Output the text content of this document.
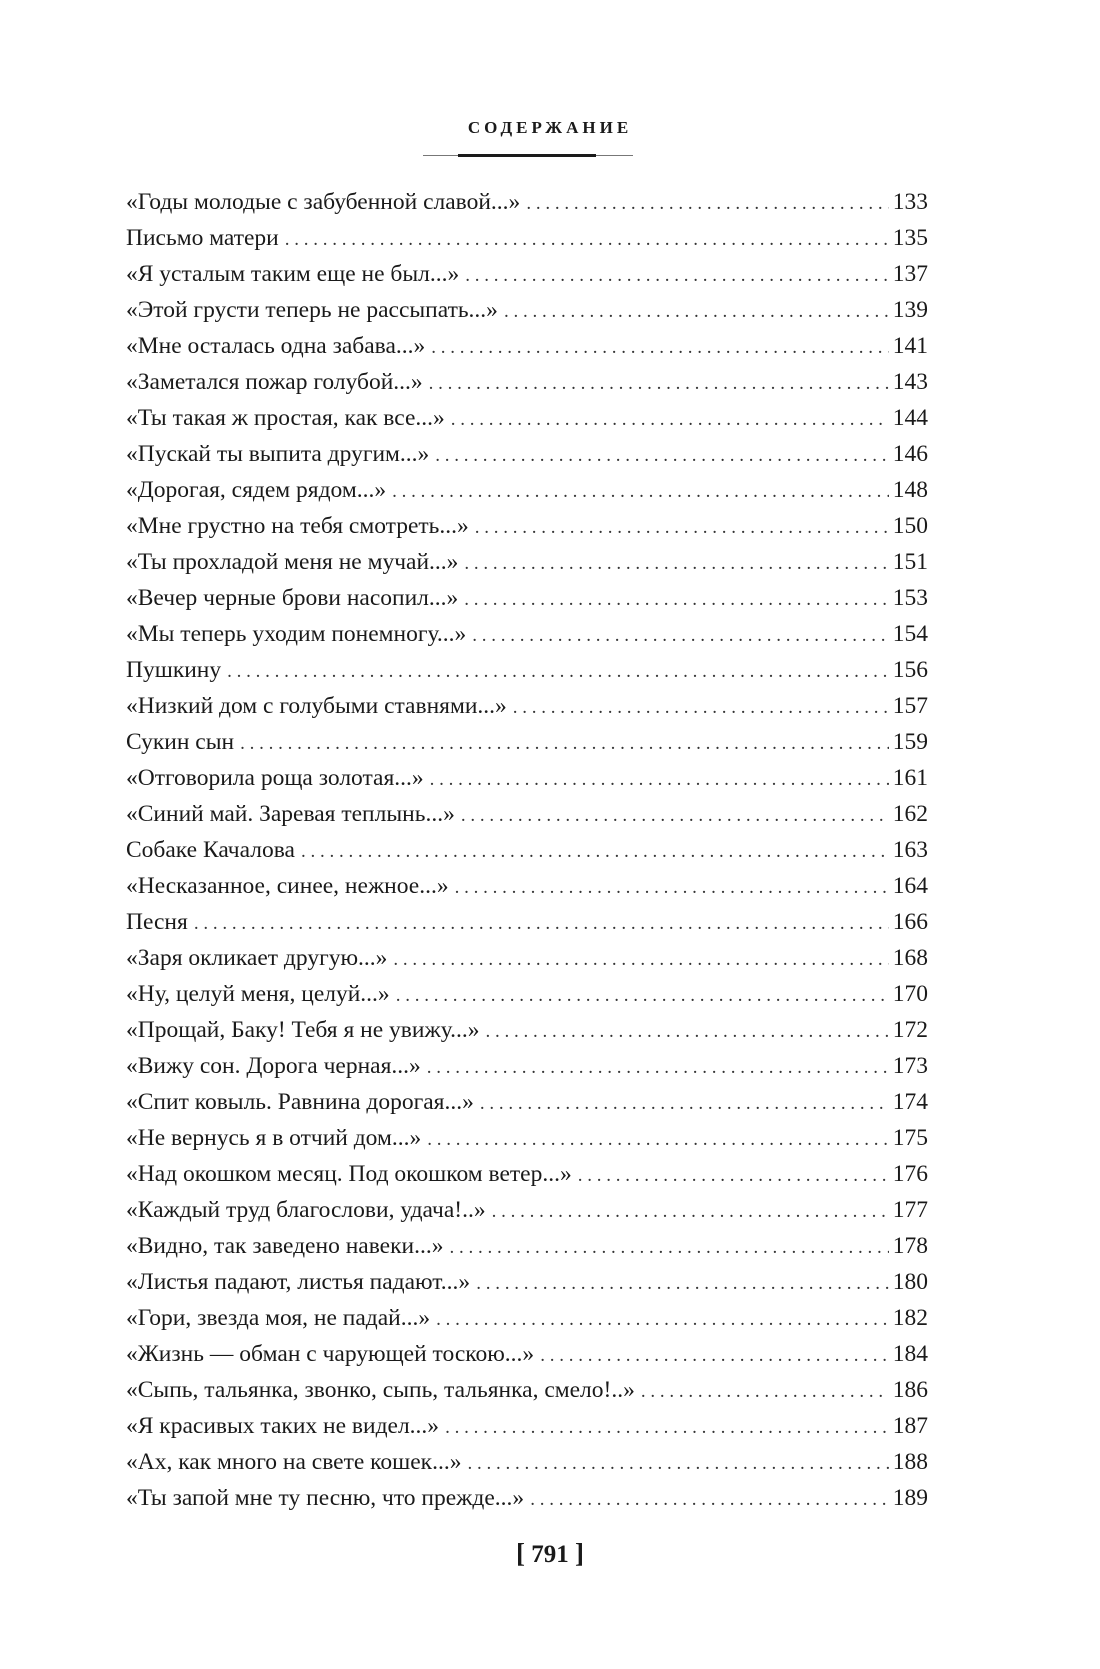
СОДЕРЖАНИЕ
«Годы молодые с забубенной славой...» . . .	133
Письмо матери . . .	135
«Я усталым таким еще не был...» . . .	137
«Этой грусти теперь не рассыпать...» . . .	139
«Мне осталась одна забава...» . . .	141
«Заметался пожар голубой...» . . .	143
«Ты такая ж простая, как все...» . . .	144
«Пускай ты выпита другим...» . . .	146
«Дорогая, сядем рядом...» . . .	148
«Мне грустно на тебя смотреть...» . . .	150
«Ты прохладой меня не мучай...» . . .	151
«Вечер черные брови насопил...» . . .	153
«Мы теперь уходим понемногу...» . . .	154
Пушкину . . .	156
«Низкий дом с голубыми ставнями...» . . .	157
Сукин сын . . .	159
«Отговорила роща золотая...» . . .	161
«Синий май. Заревая теплынь...» . . .	162
Собаке Качалова . . .	163
«Несказанное, синее, нежное...» . . .	164
Песня . . .	166
«Заря окликает другую...» . . .	168
«Ну, целуй меня, целуй...» . . .	170
«Прощай, Баку! Тебя я не увижу...» . . .	172
«Вижу сон. Дорога черная...» . . .	173
«Спит ковыль. Равнина дорогая...» . . .	174
«Не вернусь я в отчий дом...» . . .	175
«Над окошком месяц. Под окошком ветер...» . . .	176
«Каждый труд благослови, удача!..» . . .	177
«Видно, так заведено навеки...» . . .	178
«Листья падают, листья падают...» . . .	180
«Гори, звезда моя, не падай...» . . .	182
«Жизнь — обман с чарующей тоскою...» . . .	184
«Сыпь, тальянка, звонко, сыпь, тальянка, смело!..» . . .	186
«Я красивых таких не видел...» . . .	187
«Ах, как много на свете кошек...» . . .	188
«Ты запой мне ту песню, что прежде...» . . .	189
[ 791 ]
